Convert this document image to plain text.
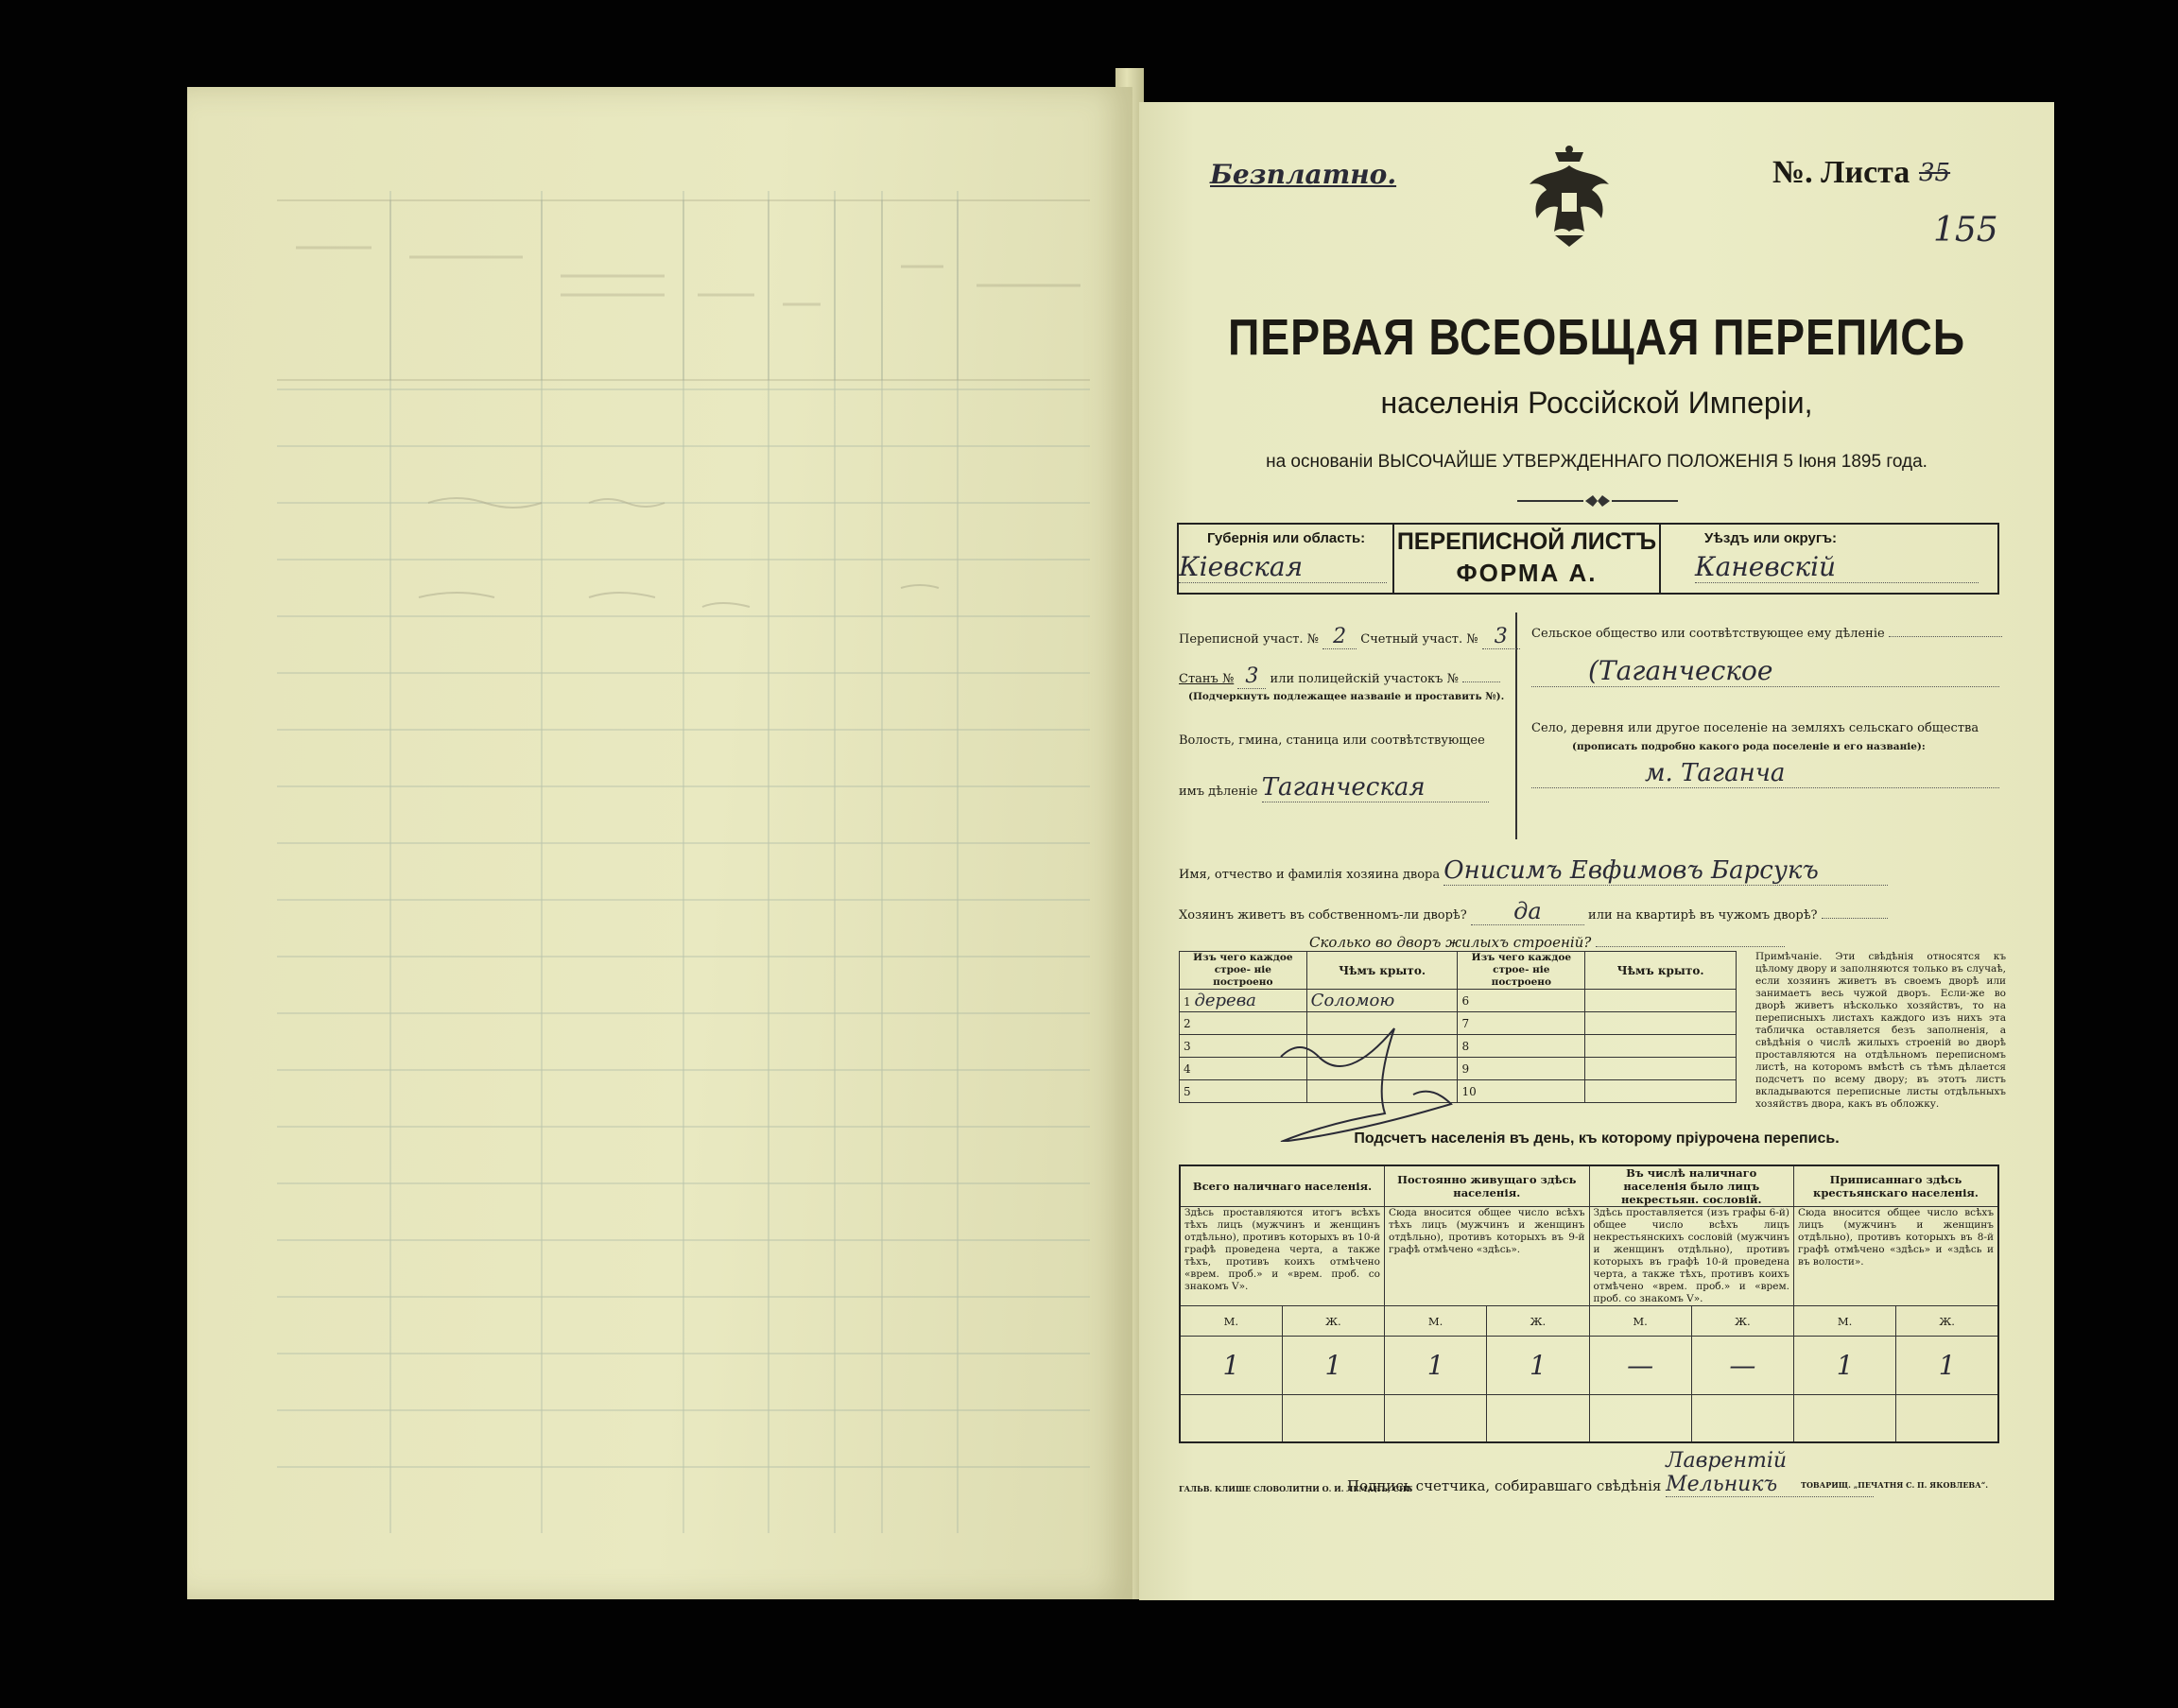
Безплатно.	№. Листа 35
155
ПЕРВАЯ ВСЕОБЩАЯ ПЕРЕПИСЬ
населенія Россійской Имперіи,
на основаніи ВЫСОЧАЙШЕ УТВЕРЖДЕННАГО ПОЛОЖЕНІЯ 5 Іюня 1895 года.
Губернія или область:
Кіевская
ПЕРЕПИСНОЙ ЛИСТЪ
ФОРМА А.
Уѣздъ или округъ:
Каневскій
Переписной участ. № 2 Счетный участ. № 3
Станъ № 3 или полицейскій участокъ №
(Подчеркнуть подлежащее названіе и проставить №).
Волость, гмина, станица или соотвѣтствующее
имъ дѣленіе Таганческая
Сельское общество или соотвѣтствующее ему дѣленіе
(Таганческое
Село, деревня или другое поселеніе на земляхъ сельскаго общества
(прописать подробно какого рода поселеніе и его названіе):
м. Таганча
Имя, отчество и фамилія хозяина двора Онисимъ Евфимовъ Барсукъ
Хозяинъ живетъ въ собственномъ-ли дворѣ? да	или на квартирѣ въ чужомъ дворѣ?
Сколько во дворъ жилыхъ строеній?
Изъ чего каждое строе- ніе построено	Чѣмъ крыто.	Изъ чего каждое строе- ніе построено	Чѣмъ крыто.
1 дерева	Соломою	6	
2		7	
3		8	
4		9	
5		10	
Примѣчаніе. Эти свѣдѣнія относятся къ цѣлому двору и заполняются только въ случаѣ, если хозяинъ живетъ въ своемъ дворѣ или занимаетъ весь чужой дворъ. Если-же во дворѣ живетъ нѣсколько хозяйствъ, то на переписныхъ листахъ каждого изъ нихъ эта табличка оставляется безъ заполненія, а свѣдѣнія о числѣ жилыхъ строеній во дворѣ проставляются на отдѣльномъ переписномъ листѣ, на которомъ вмѣстѣ съ тѣмъ дѣлается подсчетъ по всему двору; въ этотъ листъ вкладываются переписные листы отдѣльныхъ хозяйствъ двора, какъ въ обложку.
Подсчетъ населенія въ день, къ которому пріурочена перепись.
Всего наличнаго населенія.		Постоянно живущаго здѣсь населенія.		Въ числѣ наличнаго населенія было лицъ некрестьян. сословій.		Приписаннаго здѣсь крестьянскаго населенія.	
Здѣсь проставляются итогъ всѣхъ тѣхъ лицъ (мужчинъ и женщинъ отдѣльно), противъ которыхъ въ 10-й графѣ проведена черта, а также тѣхъ, противъ коихъ отмѣчено «врем. проб.» и «врем. проб. со знакомъ V».		Сюда вносится общее число всѣхъ тѣхъ лицъ (мужчинъ и женщинъ отдѣльно), противъ которыхъ въ 9-й графѣ отмѣчено «здѣсь».		Здѣсь проставляется (изъ графы 6-й) общее число всѣхъ лицъ некрестьянскихъ сословій (мужчинъ и женщинъ отдѣльно), противъ которыхъ въ графѣ 10-й проведена черта, а также тѣхъ, противъ коихъ отмѣчено «врем. проб.» и «врем. проб. со знакомъ V».		Сюда вносится общее число всѣхъ лицъ (мужчинъ и женщинъ отдѣльно), противъ которыхъ въ 8-й графѣ отмѣчено «здѣсь» и «здѣсь и въ волости».	
М.	Ж.	М.	Ж.	М.	Ж.	М.	Ж.
1	1	1	1	—	—	1	1

Подпись счетчика, собиравшаго свѣдѣнія Лаврентій Мельникъ
ГАЛЬВ. КЛИШЕ СЛОВОЛИТНИ О. И. ЛЕМАНЪ, СПБ	ТОВАРИЩ. „ПЕЧАТНЯ С. П. ЯКОВЛЕВА“.
